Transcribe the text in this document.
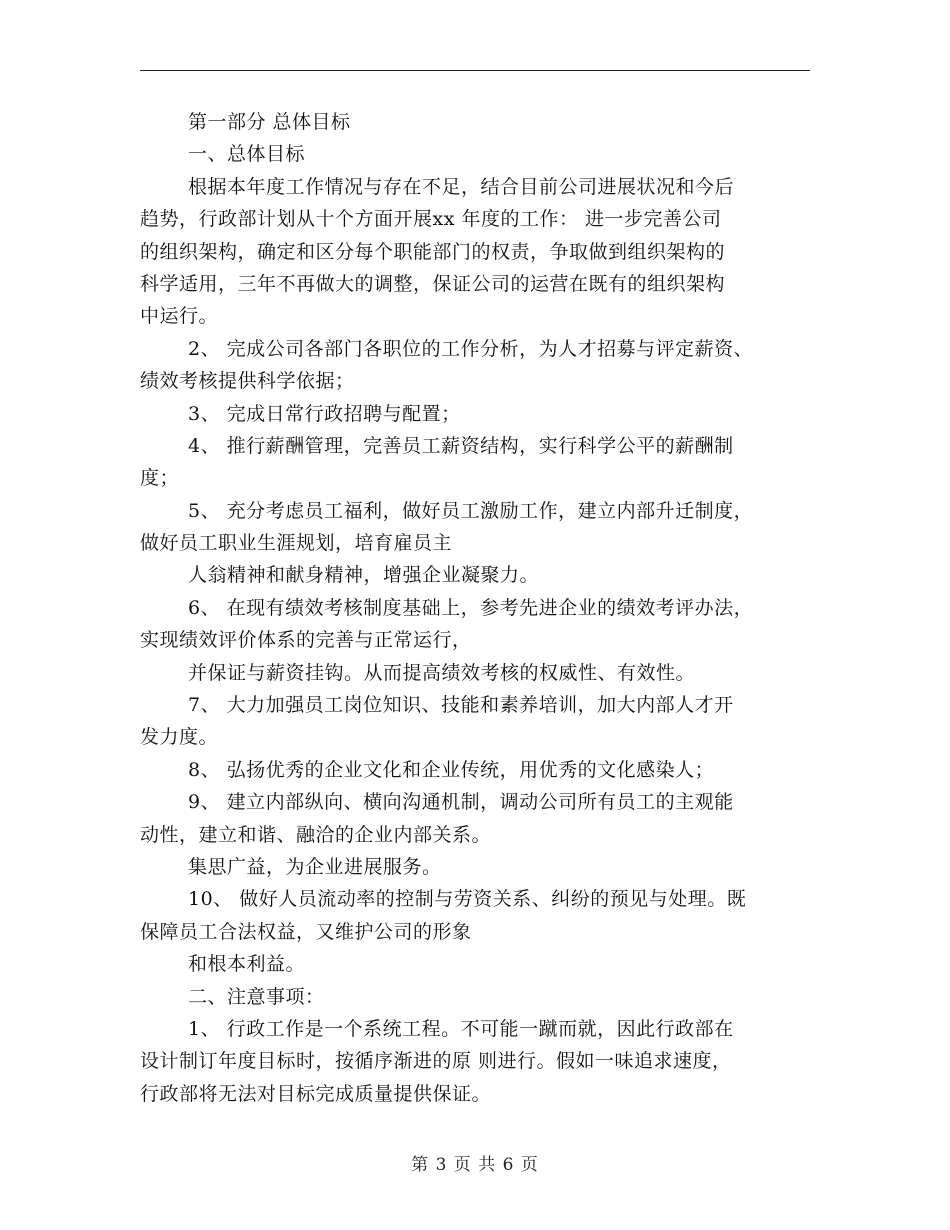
第一部分 总体目标
一、总体目标
根据本年度工作情况与存在不足，结合目前公司进展状况和今后
趋势，行政部计划从十个方面开展xx 年度的工作： 进一步完善公司
的组织架构，确定和区分每个职能部门的权责，争取做到组织架构的
科学适用，三年不再做大的调整，保证公司的运营在既有的组织架构
中运行。
2、 完成公司各部门各职位的工作分析，为人才招募与评定薪资、
绩效考核提供科学依据；
3、 完成日常行政招聘与配置；
4、 推行薪酬管理，完善员工薪资结构，实行科学公平的薪酬制
度；
5、 充分考虑员工福利，做好员工激励工作，建立内部升迁制度，
做好员工职业生涯规划，培育雇员主
人翁精神和献身精神，增强企业凝聚力。
6、 在现有绩效考核制度基础上，参考先进企业的绩效考评办法，
实现绩效评价体系的完善与正常运行，
并保证与薪资挂钩。从而提高绩效考核的权威性、有效性。
7、 大力加强员工岗位知识、技能和素养培训，加大内部人才开
发力度。
8、 弘扬优秀的企业文化和企业传统，用优秀的文化感染人；
9、 建立内部纵向、横向沟通机制，调动公司所有员工的主观能
动性，建立和谐、融洽的企业内部关系。
集思广益，为企业进展服务。
10、 做好人员流动率的控制与劳资关系、纠纷的预见与处理。既
保障员工合法权益，又维护公司的形象
和根本利益。
二、注意事项：
1、 行政工作是一个系统工程。不可能一蹴而就，因此行政部在
设计制订年度目标时，按循序渐进的原 则进行。假如一味追求速度，
行政部将无法对目标完成质量提供保证。
第 3 页 共 6 页
